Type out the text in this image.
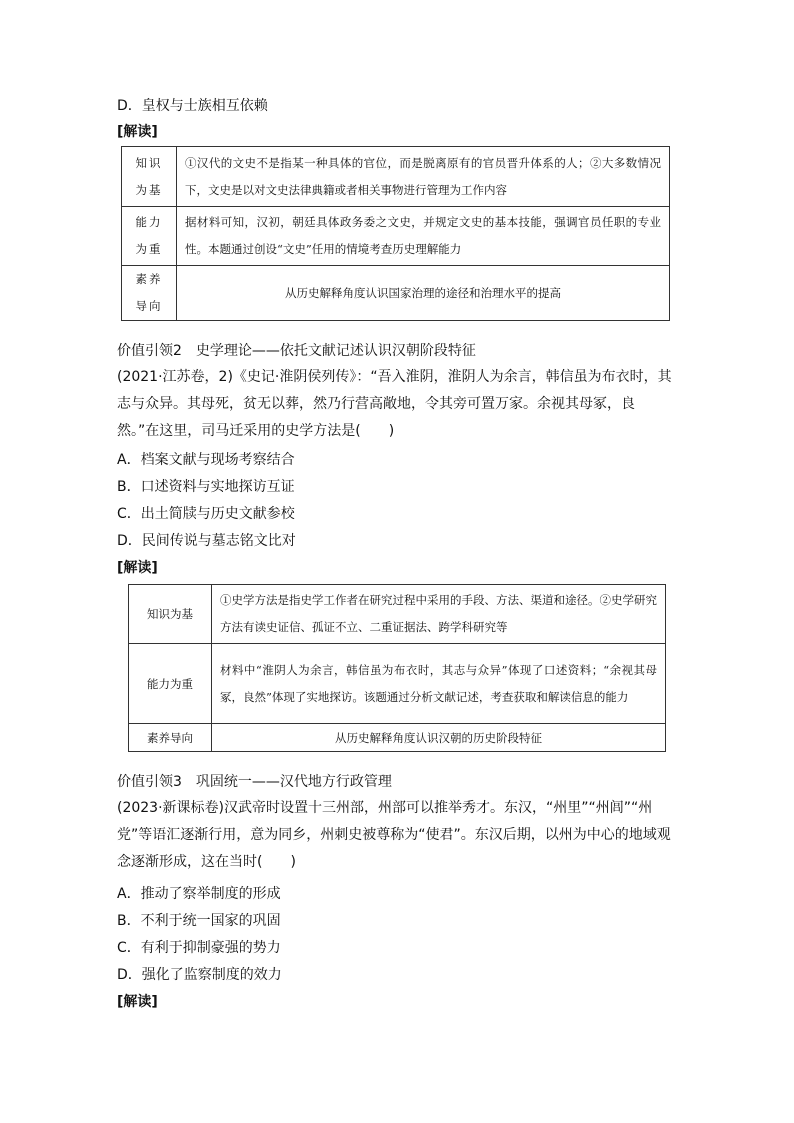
D．皇权与士族相互依赖
[解读]
知识
为基	①汉代的文史不是指某一种具体的官位，而是脱离原有的官员晋升体系的人；②大多数情况下，文史是以对文史法律典籍或者相关事物进行管理为工作内容

能力
为重	据材料可知，汉初，朝廷具体政务委之文史，并规定文史的基本技能，强调官员任职的专业性。本题通过创设“文史”任用的情境考查历史理解能力

素养
导向	从历史解释角度认识国家治理的途径和治理水平的提高
价值引领2　史学理论——依托文献记述认识汉朝阶段特征
(2021·江苏卷，2)《史记·淮阴侯列传》：“吾入淮阴，淮阴人为余言，韩信虽为布衣时，其志与众异。其母死，贫无以葬，然乃行营高敞地，令其旁可置万家。余视其母冢，良然。”在这里，司马迁采用的史学方法是(　　)
A．档案文献与现场考察结合
B．口述资料与实地探访互证
C．出土简牍与历史文献参校
D．民间传说与墓志铭文比对
[解读]
知识为基	①史学方法是指史学工作者在研究过程中采用的手段、方法、渠道和途径。②史学研究方法有读史证信、孤证不立、二重证据法、跨学科研究等
能力为重	材料中“淮阴人为余言，韩信虽为布衣时，其志与众异”体现了口述资料；“余视其母冢，良然”体现了实地探访。该题通过分析文献记述，考查获取和解读信息的能力
素养导向	从历史解释角度认识汉朝的历史阶段特征
价值引领3　巩固统一——汉代地方行政管理
(2023·新课标卷)汉武帝时设置十三州部，州部可以推举秀才。东汉，“州里”“州闾”“州党”等语汇逐渐行用，意为同乡，州刺史被尊称为“使君”。东汉后期，以州为中心的地域观念逐渐形成，这在当时(　　)
A．推动了察举制度的形成
B．不利于统一国家的巩固
C．有利于抑制豪强的势力
D．强化了监察制度的效力
[解读]
